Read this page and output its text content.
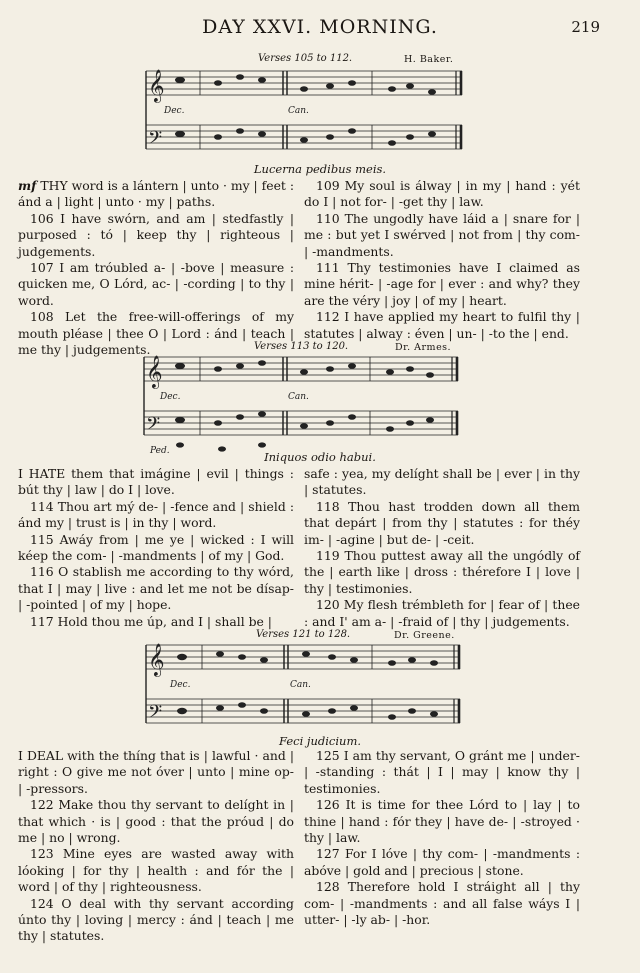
DAY XXVI. MORNING.	219
Verses 105 to 112.	H. Baker.
𝄞
𝄢
Dec.	Can.
Lucerna pedibus meis.

mf THY word is a lántern | unto · my | feet : ánd a | light | unto · my | paths.

106 I have swórn, and am | stedfastly | purposed : tó | keep thy | righteous | judgements.

107 I am tróubled a- | -bove | measure : quicken me, O Lórd, ac- | -cording | to thy | word.

108 Let the free-will-offerings of my mouth pléase | thee O | Lord : ánd | teach | me thy | judgements.

109 My soul is álway | in my | hand : yét do I | not for- | -get thy | law.

110 The ungodly have láid a | snare for | me : but yet I swérved | not from | thy com- | -mandments.

111 Thy testimonies have I claimed as mine hérit- | -age for | ever : and why? they are the véry | joy | of my | heart.

112 I have applied my heart to fulfil thy | statutes | alway : éven | un- | -to the | end.

Verses 113 to 120.	Dr. Armes.
𝄞
𝄢
Dec.	Can.
Ped.	Iniquos odio habui.

I HATE them that imágine | evil | things : bút thy | law | do I | love.

114 Thou art mý de- | -fence and | shield : ánd my | trust is | in thy | word.

115 Awáy from | me ye | wicked : I will kéep the com- | -mandments | of my | God.

116 O stablish me according to thy wórd, that I | may | live : and let me not be dísap- | -pointed | of my | hope.

117 Hold thou me úp, and I | shall be |

safe : yea, my delíght shall be | ever | in thy | statutes.

118 Thou hast trodden down all them that depárt | from thy | statutes : for théy im- | -agine | but de- | -ceit.

119 Thou puttest away all the ungódly of the | earth like | dross : thérefore I | love | thy | testimonies.

120 My flesh trémbleth for | fear of | thee : and I' am a- | -fraid of | thy | judgements.

Verses 121 to 128.	Dr. Greene.
𝄞
𝄢
Dec.	Can.
Feci judicium.

I DEAL with the thíng that is | lawful · and | right : O give me not óver | unto | mine op- | -pressors.

122 Make thou thy servant to delíght in | that which · is | good : that the próud | do me | no | wrong.

123 Mine eyes are wasted away with lóoking | for thy | health : and fór the | word | of thy | righteousness.

124 O deal with thy servant according únto thy | loving | mercy : ánd | teach | me thy | statutes.

125 I am thy servant, O gránt me | under- | -standing : thát | I | may | know thy | testimonies.

126 It is time for thee Lórd to | lay | to thine | hand : fór they | have de- | -stroyed · thy | law.

127 For I lóve | thy com- | -mandments : abóve | gold and | precious | stone.

128 Therefore hold I stráight all | thy com- | -mandments : and all false wáys I | utter- | -ly ab- | -hor.
